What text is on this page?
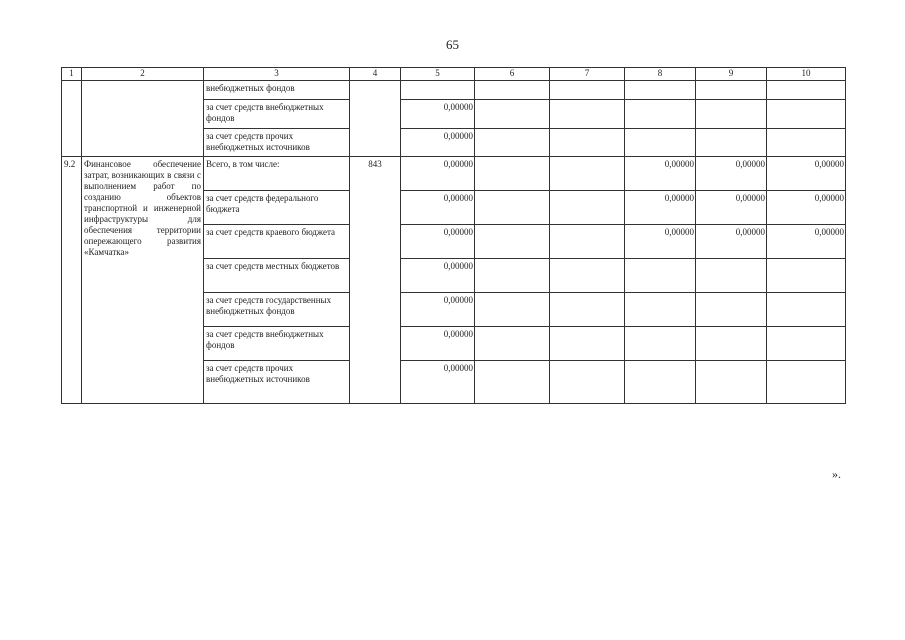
65
1	2	3	4	5	6	7	8	9	10
		внебюджетных фондов							
		за счет средств внебюджетных фондов		0,00000					
		за счет средств прочих внебюджетных источников		0,00000					
9.2	Финансовое обеспечение затрат, возникающих в связи с выполнением работ по созданию объектов транспортной и инженерной инфраструктуры для обеспечения территории опережающего развития «Камчатка»	Всего, в том числе:	843	0,00000			0,00000	0,00000	0,00000
		за счет средств федерального бюджета		0,00000			0,00000	0,00000	0,00000
		за счет средств краевого бюджета		0,00000			0,00000	0,00000	0,00000
		за счет средств местных бюджетов		0,00000					
		за счет средств государственных внебюджетных фондов		0,00000					
		за счет средств внебюджетных фондов		0,00000					
		за счет средств прочих внебюджетных источников		0,00000					
».
